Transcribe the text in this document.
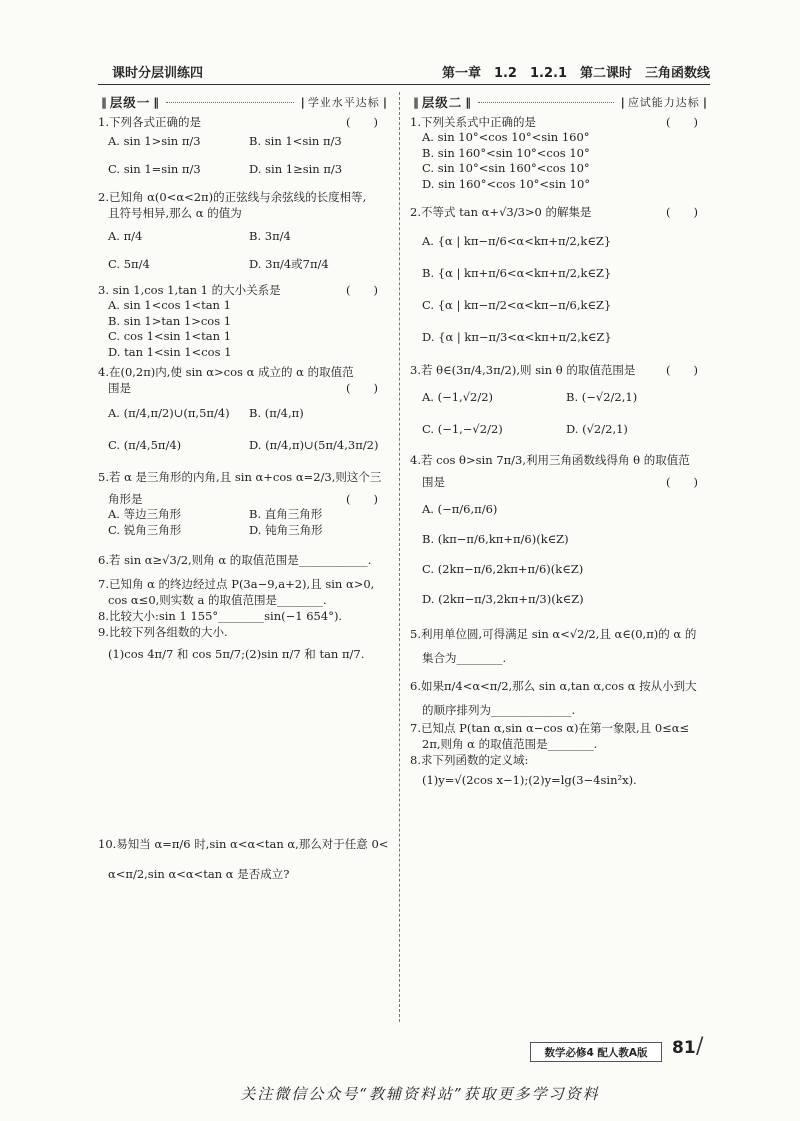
课时分层训练四	第一章　1.2　1.2.1　第二课时　三角函数线
‖ 层级一 ‖	| 学业水平达标 |
1.下列各式正确的是	(　　)
A. sin 1>sin π/3	B. sin 1<sin π/3
C. sin 1=sin π/3	D. sin 1≥sin π/3
2.已知角 α(0<α<2π)的正弦线与余弦线的长度相等,
且符号相异,那么 α 的值为
A. π/4	B. 3π/4
C. 5π/4	D. 3π/4或7π/4
3. sin 1,cos 1,tan 1 的大小关系是	(　　)
A. sin 1<cos 1<tan 1
B. sin 1>tan 1>cos 1
C. cos 1<sin 1<tan 1
D. tan 1<sin 1<cos 1
4.在(0,2π)内,使 sin α>cos α 成立的 α 的取值范
围是	(　　)
A. (π/4,π/2)∪(π,5π/4)	B. (π/4,π)
C. (π/4,5π/4)	D. (π/4,π)∪(5π/4,3π/2)
5.若 α 是三角形的内角,且 sin α+cos α=2/3,则这个三
角形是	(　　)
A. 等边三角形	B. 直角三角形
C. 锐角三角形	D. 钝角三角形
6.若 sin α≥√3/2,则角 α 的取值范围是____________.
7.已知角 α 的终边经过点 P(3a−9,a+2),且 sin α>0,
cos α≤0,则实数 a 的取值范围是________.
8.比较大小:sin 1 155°________sin(−1 654°).
9.比较下列各组数的大小.
(1)cos 4π/7 和 cos 5π/7;(2)sin π/7 和 tan π/7.
10.易知当 α=π/6 时,sin α<α<tan α,那么对于任意 0<
α<π/2,sin α<α<tan α 是否成立?
‖ 层级二 ‖	| 应试能力达标 |
1.下列关系式中正确的是	(　　)
A. sin 10°<cos 10°<sin 160°
B. sin 160°<sin 10°<cos 10°
C. sin 10°<sin 160°<cos 10°
D. sin 160°<cos 10°<sin 10°
2.不等式 tan α+√3/3>0 的解集是	(　　)
A. {α | kπ−π/6<α<kπ+π/2,k∈Z}
B. {α | kπ+π/6<α<kπ+π/2,k∈Z}
C. {α | kπ−π/2<α<kπ−π/6,k∈Z}
D. {α | kπ−π/3<α<kπ+π/2,k∈Z}
3.若 θ∈(3π/4,3π/2),则 sin θ 的取值范围是	(　　)
A. (−1,√2/2)	B. (−√2/2,1)
C. (−1,−√2/2)	D. (√2/2,1)
4.若 cos θ>sin 7π/3,利用三角函数线得角 θ 的取值范
围是	(　　)
A. (−π/6,π/6)
B. (kπ−π/6,kπ+π/6)(k∈Z)
C. (2kπ−π/6,2kπ+π/6)(k∈Z)
D. (2kπ−π/3,2kπ+π/3)(k∈Z)
5.利用单位圆,可得满足 sin α<√2/2,且 α∈(0,π)的 α 的
集合为________.
6.如果π/4<α<π/2,那么 sin α,tan α,cos α 按从小到大
的顺序排列为______________.
7.已知点 P(tan α,sin α−cos α)在第一象限,且 0≤α≤
2π,则角 α 的取值范围是________.
8.求下列函数的定义域:
(1)y=√(2cos x−1);(2)y=lg(3−4sin²x).
数学必修4 配人教A版	81 /
关注微信公众号“教辅资料站”获取更多学习资料
